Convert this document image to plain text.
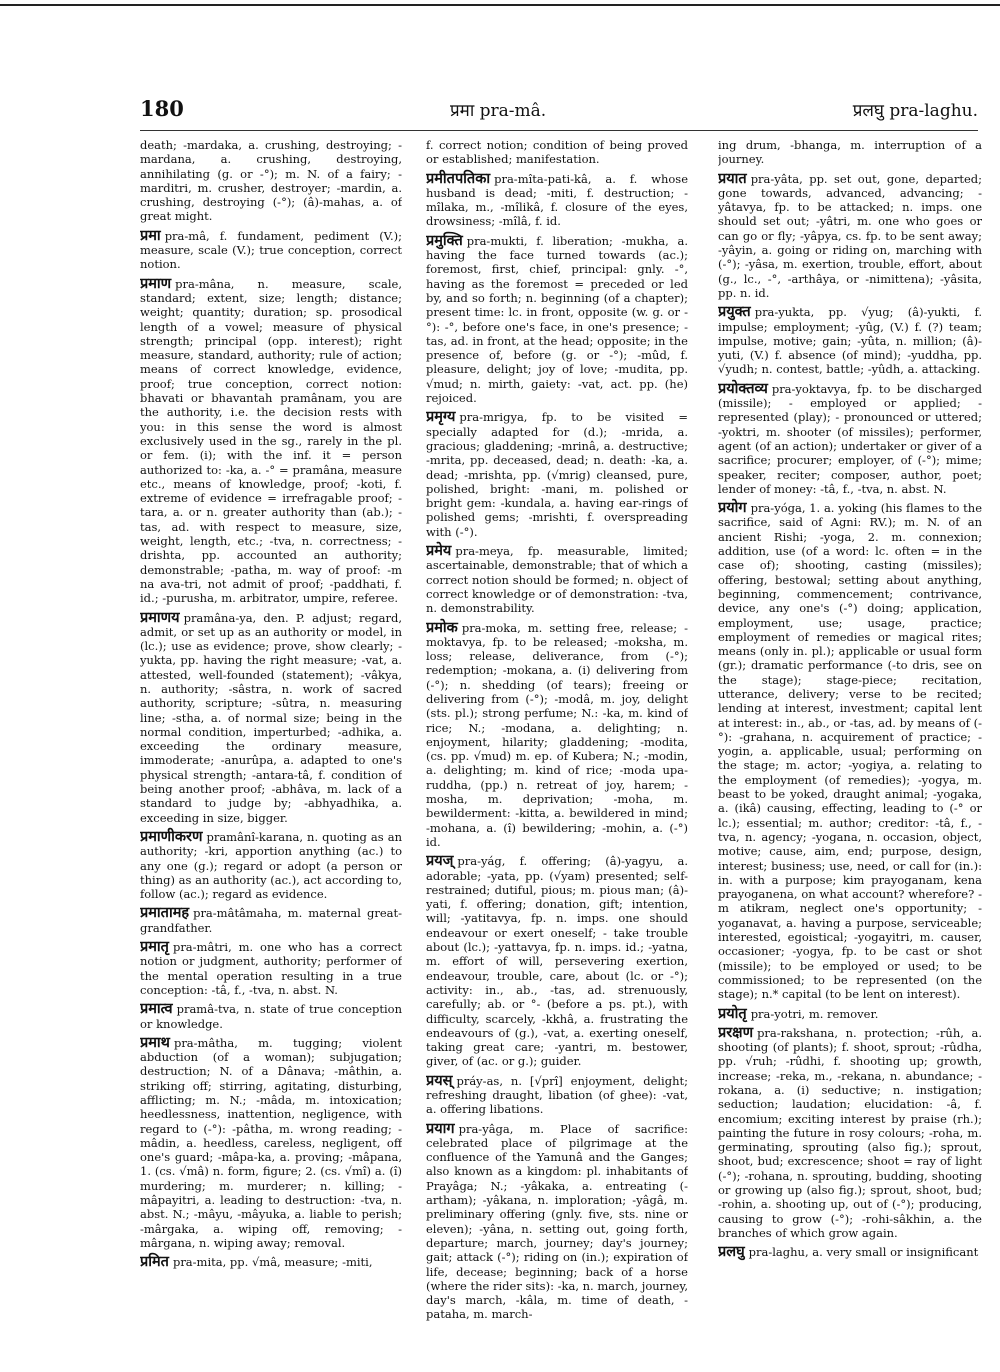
180	प्रमा pra-mâ.	प्रलघु pra-laghu.

death; -mardaka, a. crushing, destroying; -mardana, a. crushing, destroying, annihilating (g. or -°); m. N. of a fairy; -marditri, m. crusher, destroyer; -mardin, a. crushing, destroying (-°); (â)-mahas, a. of great might.

प्रमा pra-mâ, f. fundament, pediment (V.); measure, scale (V.); true conception, correct notion.

प्रमाण pra-mâna, n. measure, scale, standard; extent, size; length; distance; weight; quantity; duration; sp. prosodical length of a vowel; measure of physical strength; principal (opp. interest); right measure, standard, authority; rule of action; means of correct knowledge, evidence, proof; true conception, correct notion: bhavati or bhavantah pramânam, you are the authority, i.e. the decision rests with you: in this sense the word is almost exclusively used in the sg., rarely in the pl. or fem. (i); with the inf. it = person authorized to: -ka, a. -° = pramâna, measure etc., means of knowledge, proof; -koti, f. extreme of evidence = irrefragable proof; -tara, a. or n. greater authority than (ab.); -tas, ad. with respect to measure, size, weight, length, etc.; -tva, n. correctness; -drishta, pp. accounted an authority; demonstrable; -patha, m. way of proof: -m na ava-tri, not admit of proof; -paddhati, f. id.; -purusha, m. arbitrator, umpire, referee.

प्रमाणय pramâna-ya, den. P. adjust; regard, admit, or set up as an authority or model, in (lc.); use as evidence; prove, show clearly; -yukta, pp. having the right measure; -vat, a. attested, well-founded (statement); -vâkya, n. authority; -sâstra, n. work of sacred authority, scripture; -sûtra, n. measuring line; -stha, a. of normal size; being in the normal condition, imperturbed; -adhika, a. exceeding the ordinary measure, immoderate; -anurûpa, a. adapted to one's physical strength; -antara-tâ, f. condition of being another proof; -abhâva, m. lack of a standard to judge by; -abhyadhika, a. exceeding in size, bigger.

प्रमाणीकरण pramânî-karana, n. quoting as an authority; -kri, apportion anything (ac.) to any one (g.); regard or adopt (a person or thing) as an authority (ac.), act according to, follow (ac.); regard as evidence.

प्रमातामह pra-mâtâmaha, m. maternal great-grandfather.

प्रमातृ pra-mâtri, m. one who has a correct notion or judgment, authority; performer of the mental operation resulting in a true conception: -tâ, f., -tva, n. abst. N.

प्रमात्व pramâ-tva, n. state of true conception or knowledge.

प्रमाथ pra-mâtha, m. tugging; violent abduction (of a woman); subjugation; destruction; N. of a Dânava; -mâthin, a. striking off; stirring, agitating, disturbing, afflicting; m. N.; -mâda, m. intoxication; heedlessness, inattention, negligence, with regard to (-°): -pâtha, m. wrong reading; -mâdin, a. heedless, careless, negligent, off one's guard; -mâpa-ka, a. proving; -mâpana, 1. (cs. √mâ) n. form, figure; 2. (cs. √mî) a. (î) murdering; m. murderer; n. killing; -mâpayitri, a. leading to destruction: -tva, n. abst. N.; -mâyu, -mâyuka, a. liable to perish; -mârgaka, a. wiping off, removing; -mârgana, n. wiping away; removal.

प्रमित pra-mita, pp. √mâ, measure; -miti,

f. correct notion; condition of being proved or established; manifestation.

प्रमीतपतिका pra-mîta-pati-kâ, a. f. whose husband is dead; -miti, f. destruction; -mîlaka, m., -mîlikâ, f. closure of the eyes, drowsiness; -mîlâ, f. id.

प्रमुक्ति pra-mukti, f. liberation; -mukha, a. having the face turned towards (ac.); foremost, first, chief, principal: gnly. -°, having as the foremost = preceded or led by, and so forth; n. beginning (of a chapter); present time: lc. in front, opposite (w. g. or -°): -°, before one's face, in one's presence; -tas, ad. in front, at the head; opposite; in the presence of, before (g. or -°); -mûd, f. pleasure, delight; joy of love; -mudita, pp. √mud; n. mirth, gaiety: -vat, act. pp. (he) rejoiced.

प्रमृग्य pra-mrigya, fp. to be visited = specially adapted for (d.); -mrida, a. gracious; gladdening; -mrinâ, a. destructive; -mrita, pp. deceased, dead; n. death: -ka, a. dead; -mrishta, pp. (√mrig) cleansed, pure, polished, bright: -mani, m. polished or bright gem: -kundala, a. having ear-rings of polished gems; -mrishti, f. overspreading with (-°).

प्रमेय pra-meya, fp. measurable, limited; ascertainable, demonstrable; that of which a correct notion should be formed; n. object of correct knowledge or of demonstration: -tva, n. demonstrability.

प्रमोक pra-moka, m. setting free, release; -moktavya, fp. to be released; -moksha, m. loss; release, deliverance, from (-°); redemption; -mokana, a. (i) delivering from (-°); n. shedding (of tears); freeing or delivering from (-°); -modâ, m. joy, delight (sts. pl.); strong perfume; N.: -ka, m. kind of rice; N.; -modana, a. delighting; n. enjoyment, hilarity; gladdening; -modita, (cs. pp. √mud) m. ep. of Kubera; N.; -modin, a. delighting; m. kind of rice; -moda upa-ruddha, (pp.) n. retreat of joy, harem; -mosha, m. deprivation; -moha, m. bewilderment: -kitta, a. bewildered in mind; -mohana, a. (î) bewildering; -mohin, a. (-°) id.

प्रयज् pra-yág, f. offering; (â)-yagyu, a. adorable; -yata, pp. (√yam) presented; self-restrained; dutiful, pious; m. pious man; (â)-yati, f. offering; donation, gift; intention, will; -yatitavya, fp. n. imps. one should endeavour or exert oneself; - take trouble about (lc.); -yattavya, fp. n. imps. id.; -yatna, m. effort of will, persevering exertion, endeavour, trouble, care, about (lc. or -°); activity: in., ab., -tas, ad. strenuously, carefully; ab. or °- (before a ps. pt.), with difficulty, scarcely, -kkhâ, a. frustrating the endeavours of (g.), -vat, a. exerting oneself, taking great care; -yantri, m. bestower, giver, of (ac. or g.); guider.

प्रयस् práy-as, n. [√prî] enjoyment, delight; refreshing draught, libation (of ghee): -vat, a. offering libations.

प्रयाग pra-yâga, m. Place of sacrifice: celebrated place of pilgrimage at the confluence of the Yamunâ and the Ganges; also known as a kingdom: pl. inhabitants of Prayâga; N.; -yâkaka, a. entreating (-artham); -yâkana, n. imploration; -yâgâ, m. preliminary offering (gnly. five, sts. nine or eleven); -yâna, n. setting out, going forth, departure; march, journey; day's journey; gait; attack (-°); riding on (in.); expiration of life, decease; beginning; back of a horse (where the rider sits): -ka, n. march, journey, day's march, -kâla, m. time of death, -pataha, m. march-

ing drum, -bhanga, m. interruption of a journey.

प्रयात pra-yâta, pp. set out, gone, departed; gone towards, advanced, advancing; -yâtavya, fp. to be attacked; n. imps. one should set out; -yâtri, m. one who goes or can go or fly; -yâpya, cs. fp. to be sent away; -yâyin, a. going or riding on, marching with (-°); -yâsa, m. exertion, trouble, effort, about (g., lc., -°, -arthâya, or -nimittena); -yâsita, pp. n. id.

प्रयुक्त pra-yukta, pp. √yug; (â)-yukti, f. impulse; employment; -yûg, (V.) f. (?) team; impulse, motive; gain; -yûta, n. million; (â)-yuti, (V.) f. absence (of mind); -yuddha, pp. √yudh; n. contest, battle; -yûdh, a. attacking.

प्रयोक्तव्य pra-yoktavya, fp. to be discharged (missile); - employed or applied; - represented (play); - pronounced or uttered; -yoktri, m. shooter (of missiles); performer, agent (of an action); undertaker or giver of a sacrifice; procurer; employer, of (-°); mime; speaker, reciter; composer, author, poet; lender of money: -tâ, f., -tva, n. abst. N.

प्रयोग pra-yóga, 1. a. yoking (his flames to the sacrifice, said of Agni: RV.); m. N. of an ancient Rishi; -yoga, 2. m. connexion; addition, use (of a word: lc. often = in the case of); shooting, casting (missiles); offering, bestowal; setting about anything, beginning, commencement; contrivance, device, any one's (-°) doing; application, employment, use; usage, practice; employment of remedies or magical rites; means (only in. pl.); applicable or usual form (gr.); dramatic performance (-to dris, see on the stage); stage-piece; recitation, utterance, delivery; verse to be recited; lending at interest, investment; capital lent at interest: in., ab., or -tas, ad. by means of (-°): -grahana, n. acquirement of practice; -yogin, a. applicable, usual; performing on the stage; m. actor; -yogiya, a. relating to the employment (of remedies); -yogya, m. beast to be yoked, draught animal; -yogaka, a. (ikâ) causing, effecting, leading to (-° or lc.); essential; m. author; creditor: -tâ, f., -tva, n. agency; -yogana, n. occasion, object, motive; cause, aim, end; purpose, design, interest; business; use, need, or call for (in.): in. with a purpose; kim prayoganam, kena prayoganena, on what account? wherefore? -m atikram, neglect one's opportunity; -yoganavat, a. having a purpose, serviceable; interested, egoistical; -yogayitri, m. causer, occasioner; -yogya, fp. to be cast or shot (missile); to be employed or used; to be commissioned; to be represented (on the stage); n.* capital (to be lent on interest).

प्रयोतृ pra-yotri, m. remover.

प्ररक्षण pra-rakshana, n. protection; -rûh, a. shooting (of plants); f. shoot, sprout; -rûdha, pp. √ruh; -rûdhi, f. shooting up; growth, increase; -reka, m., -rekana, n. abundance; -rokana, a. (i) seductive; n. instigation; seduction; laudation; elucidation: -â, f. encomium; exciting interest by praise (rh.); painting the future in rosy colours; -roha, m. germinating, sprouting (also fig.); sprout, shoot, bud; excrescence; shoot = ray of light (-°); -rohana, n. sprouting, budding, shooting or growing up (also fig.); sprout, shoot, bud; -rohin, a. shooting up, out of (-°); producing, causing to grow (-°); -rohi-sâkhin, a. the branches of which grow again.

प्रलघु pra-laghu, a. very small or insignificant
